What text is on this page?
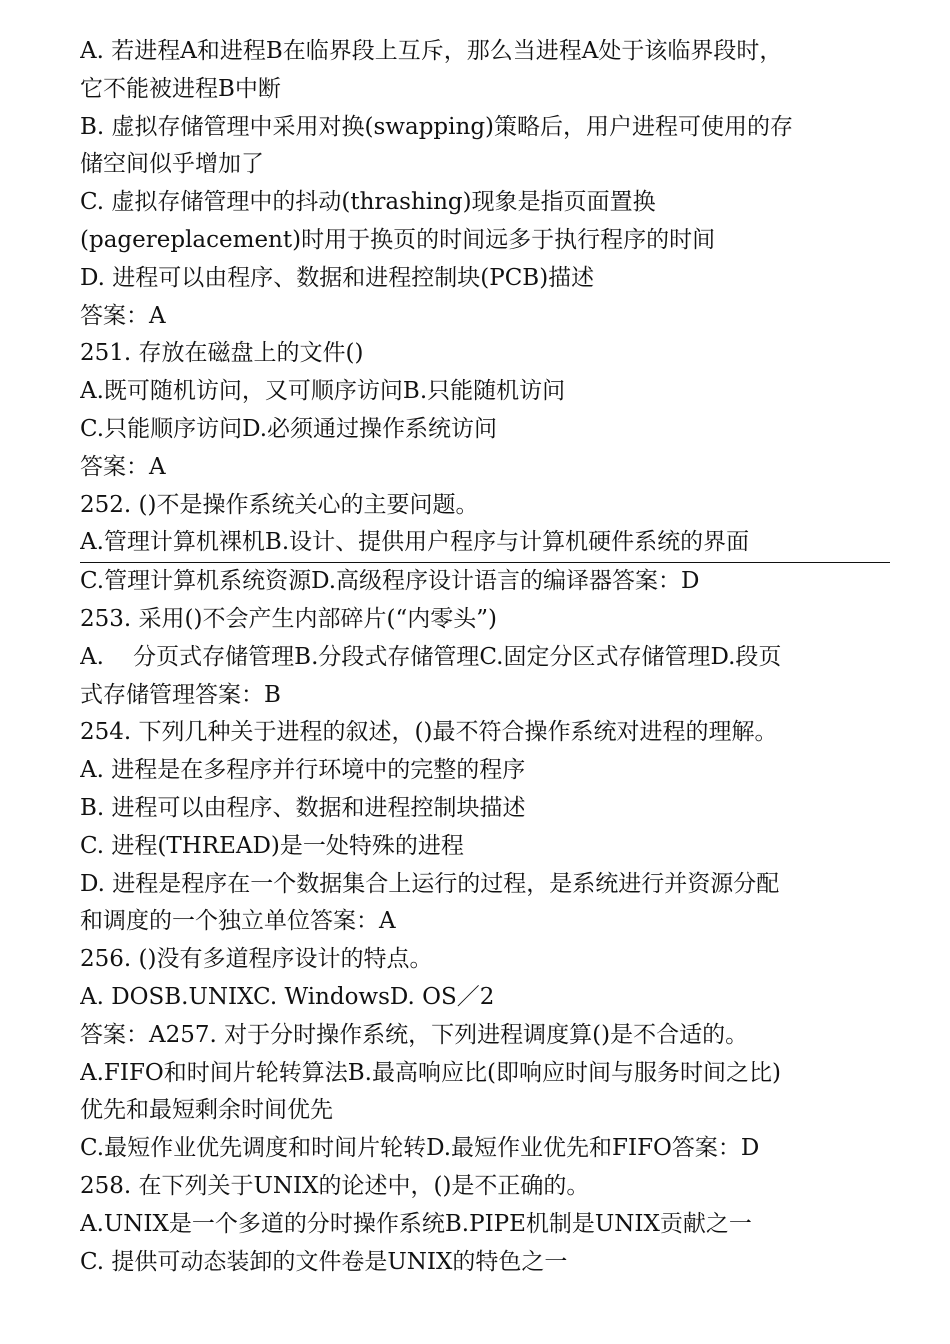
A. 若进程A和进程B在临界段上互斥，那么当进程A处于该临界段时，
它不能被进程B中断
B. 虚拟存储管理中采用对换(swapping)策略后，用户进程可使用的存
储空间似乎增加了
C. 虚拟存储管理中的抖动(thrashing)现象是指页面置换
(pagereplacement)时用于换页的时间远多于执行程序的时间
D. 进程可以由程序、数据和进程控制块(PCB)描述
答案：A
251. 存放在磁盘上的文件()
A.既可随机访问，又可顺序访问B.只能随机访问
C.只能顺序访问D.必须通过操作系统访问
答案：A
252. ()不是操作系统关心的主要问题。
A.管理计算机裸机B.设计、提供用户程序与计算机硬件系统的界面
C.管理计算机系统资源D.高级程序设计语言的编译器答案：D
253. 采用()不会产生内部碎片(“内零头”)
A.    分页式存储管理B.分段式存储管理C.固定分区式存储管理D.段页
式存储管理答案：B
254. 下列几种关于进程的叙述，()最不符合操作系统对进程的理解。
A. 进程是在多程序并行环境中的完整的程序
B. 进程可以由程序、数据和进程控制块描述
C. 进程(THREAD)是一处特殊的进程
D. 进程是程序在一个数据集合上运行的过程，是系统进行并资源分配
和调度的一个独立单位答案：A
256. ()没有多道程序设计的特点。
A. DOSB.UNIXC. WindowsD. OS／2
答案：A257. 对于分时操作系统，下列进程调度算()是不合适的。
A.FIFO和时间片轮转算法B.最高响应比(即响应时间与服务时间之比)
优先和最短剩余时间优先
C.最短作业优先调度和时间片轮转D.最短作业优先和FIFO答案：D
258. 在下列关于UNIX的论述中，()是不正确的。
A.UNIX是一个多道的分时操作系统B.PIPE机制是UNIX贡献之一
C. 提供可动态装卸的文件卷是UNIX的特色之一
